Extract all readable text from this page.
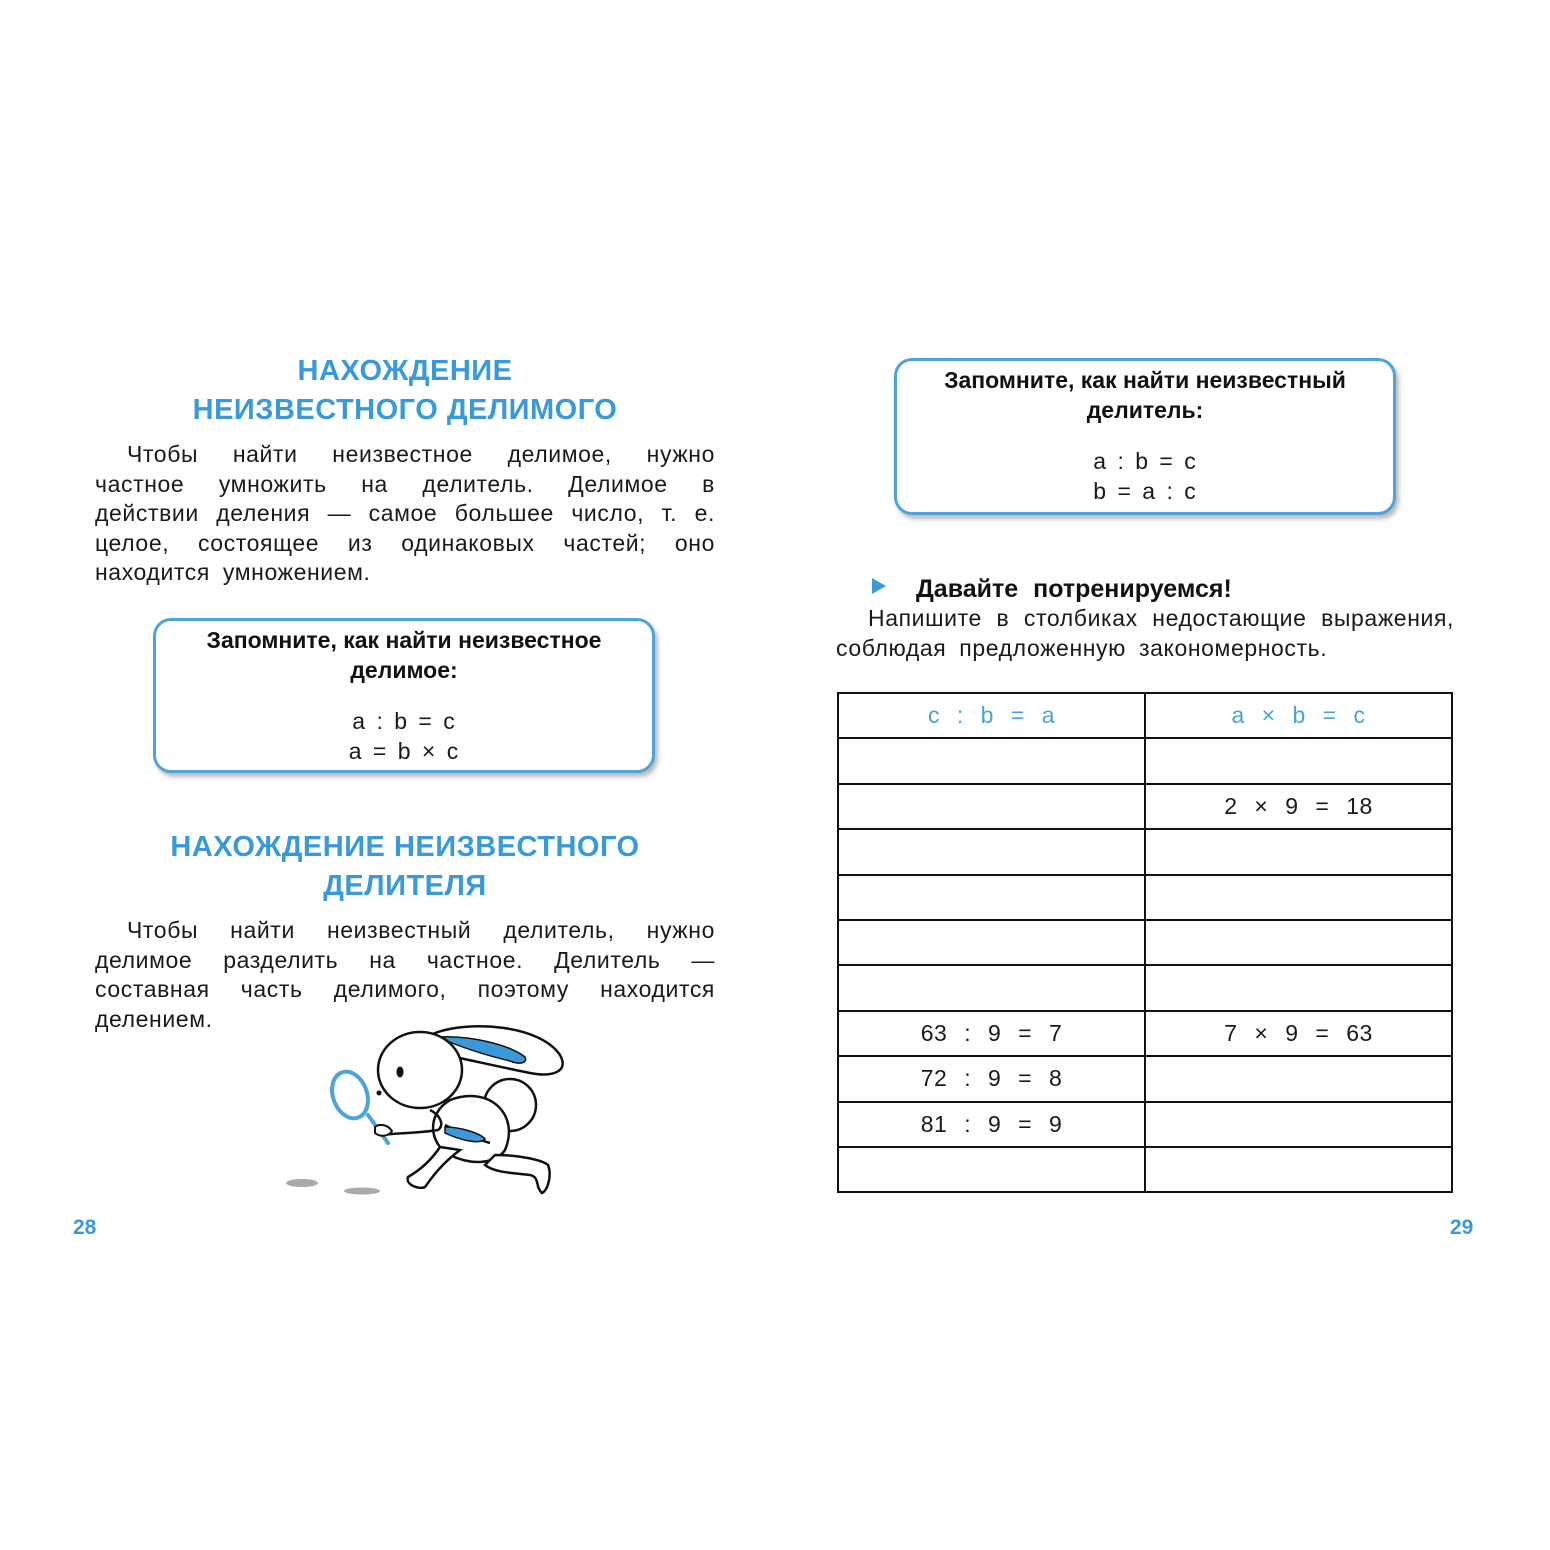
НАХОЖДЕНИЕ
НЕИЗВЕСТНОГО ДЕЛИМОГО
Чтобы найти неизвестное делимое, нужно частное умножить на делитель. Делимое в действии деления — самое большее число, т. е. целое, состоящее из одинаковых частей; оно находится умножением.
Запомните, как найти неизвестное делимое:
a : b = c
a = b × c
НАХОЖДЕНИЕ НЕИЗВЕСТНОГО
ДЕЛИТЕЛЯ
Чтобы найти неизвестный делитель, нужно делимое разделить на частное. Делитель — составная часть делимого, поэтому находится делением.
28
Запомните, как найти неизвестный делитель:
a : b = c
b = a : c
Давайте потренируемся!
Напишите в столбиках недостающие выражения, соблюдая предложенную закономерность.
c : b = a	a × b = c

	2 × 9 = 18

63 : 9 = 7	7 × 9 = 63
72 : 9 = 8	
81 : 9 = 9	

29
